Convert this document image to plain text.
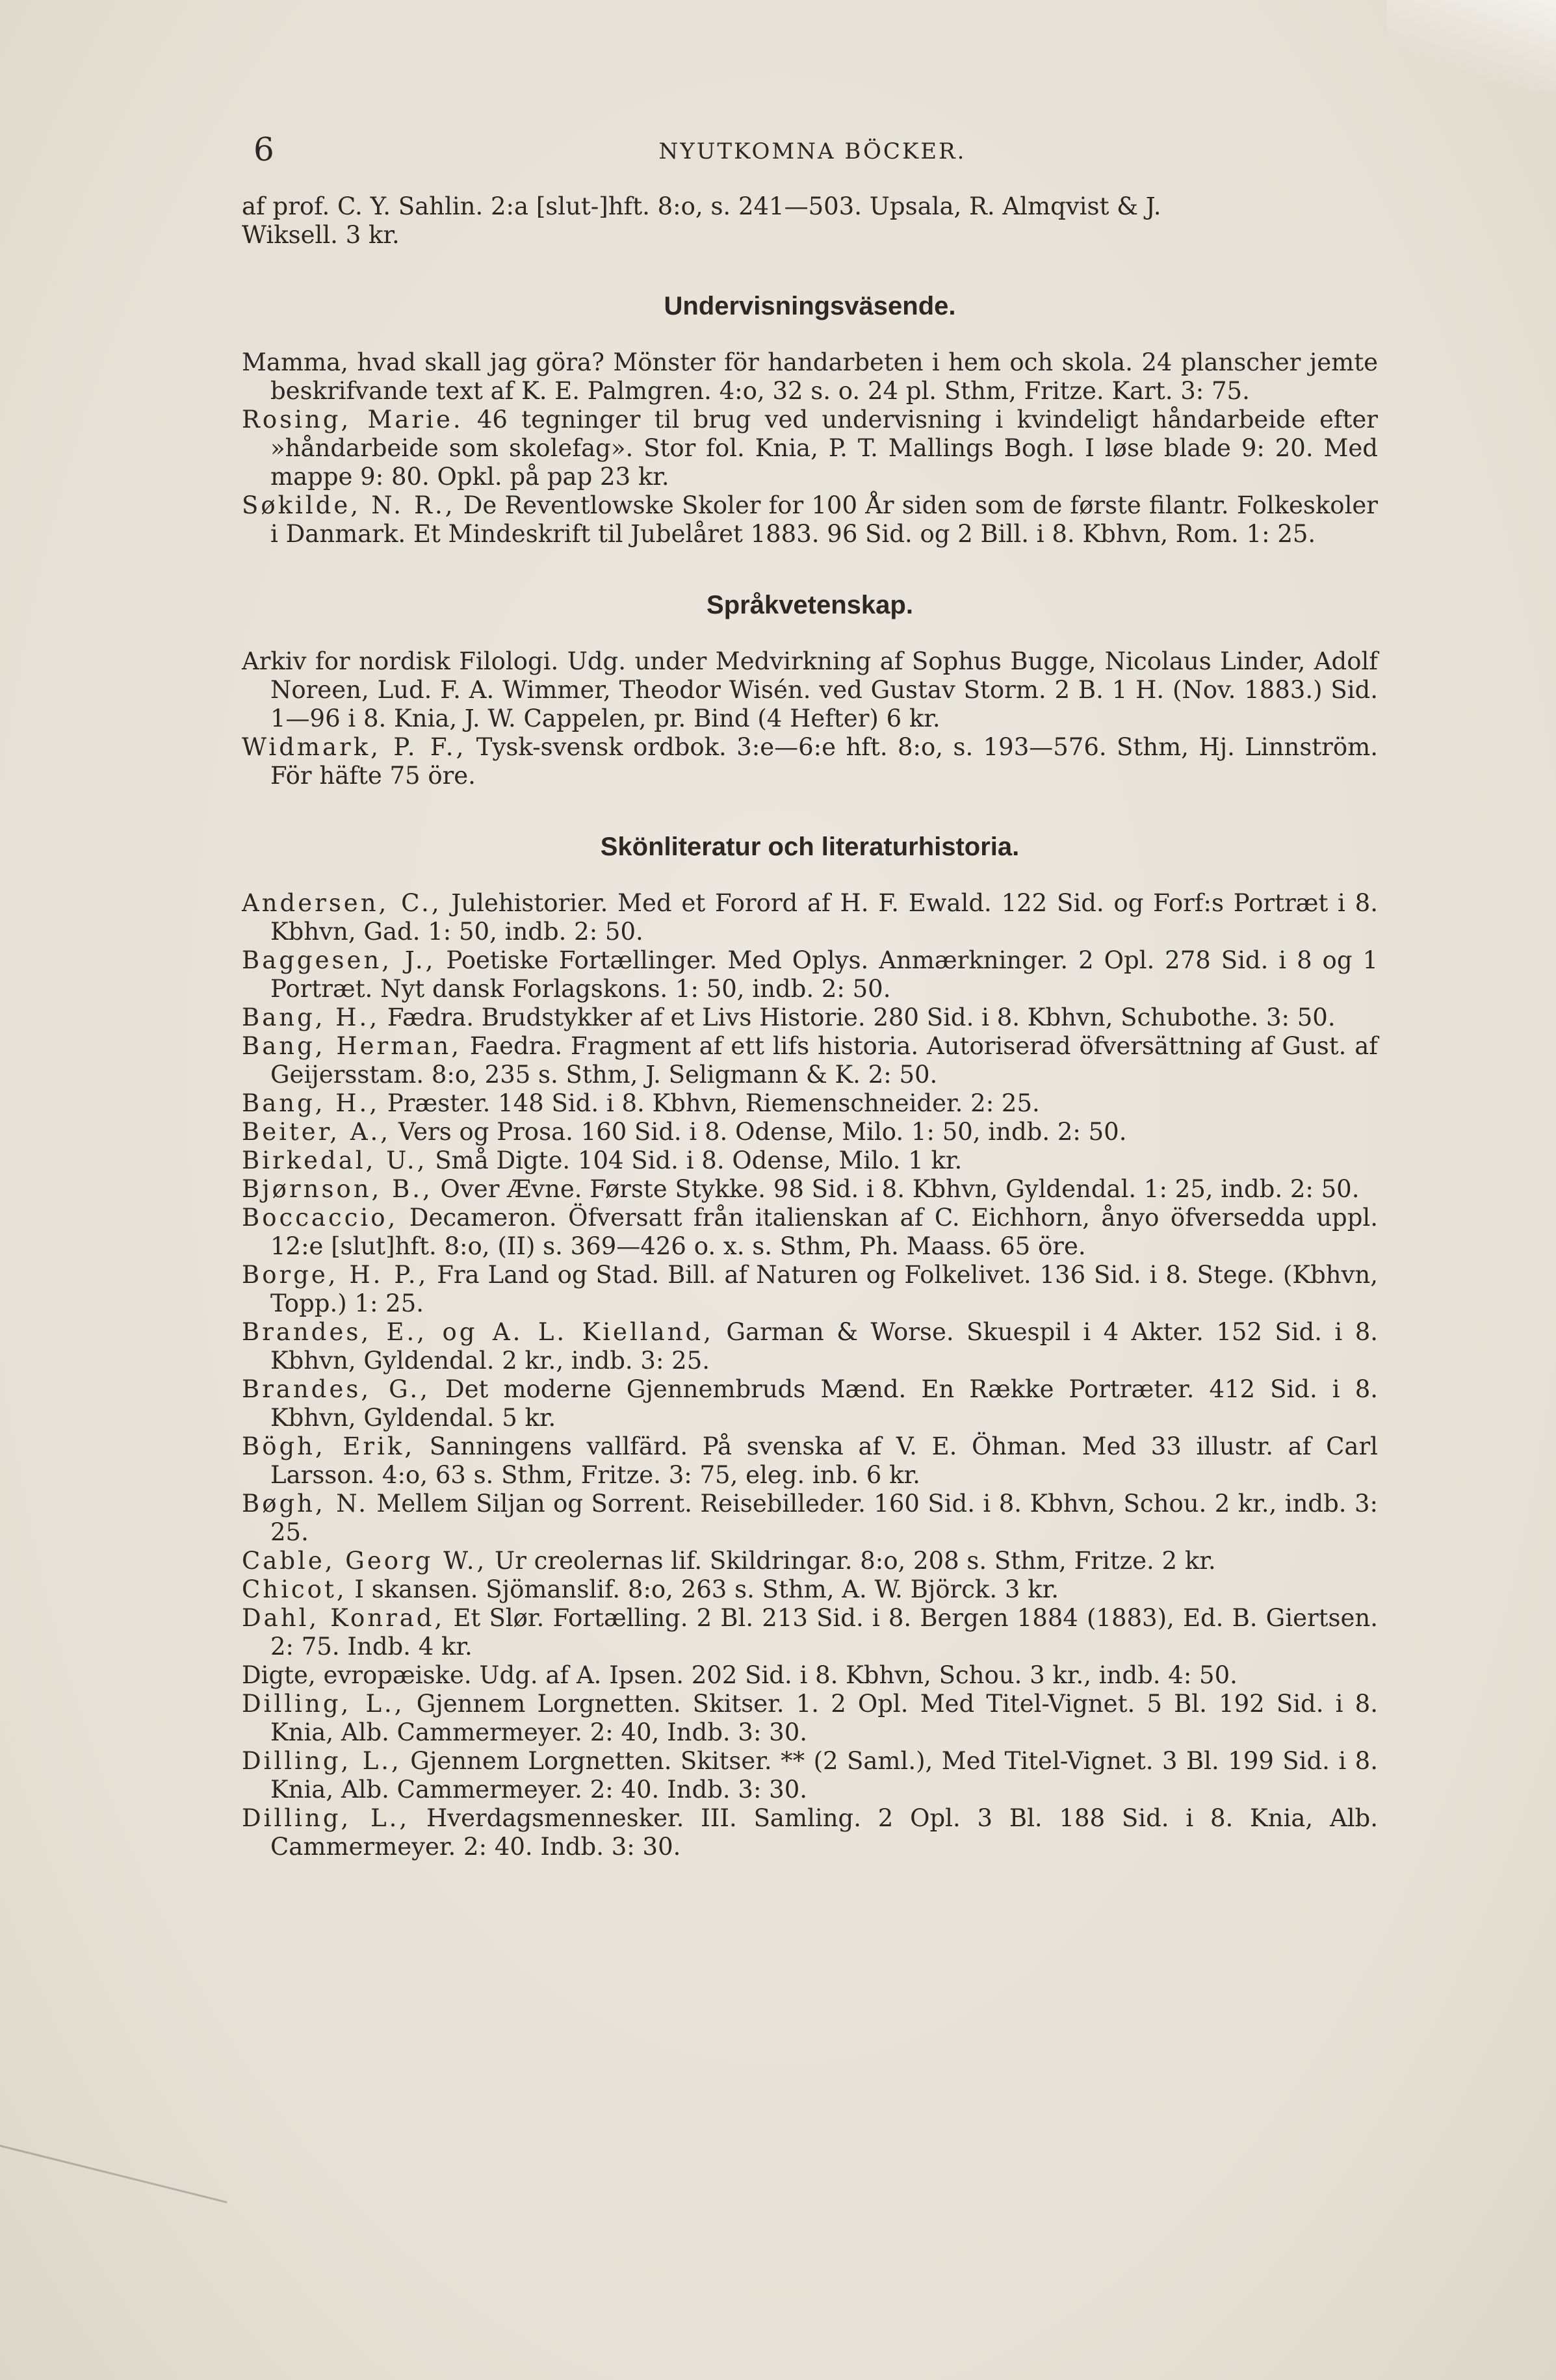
6	NYUTKOMNA BÖCKER.

af prof. C. Y. Sahlin. 2:a [slut-]hft. 8:o, s. 241—503. Upsala, R. Almqvist & J.
Wiksell. 3 kr.

Undervisningsväsende.

Mamma, hvad skall jag göra? Mönster för handarbeten i hem och skola. 24 planscher jemte beskrifvande text af K. E. Palmgren. 4:o, 32 s. o. 24 pl. Sthm, Fritze. Kart. 3: 75.

Rosing, Marie. 46 tegninger til brug ved undervisning i kvindeligt håndarbeide efter »håndarbeide som skolefag». Stor fol. Knia, P. T. Mallings Bogh. I løse blade 9: 20. Med mappe 9: 80. Opkl. på pap 23 kr.

Søkilde, N. R., De Reventlowske Skoler for 100 År siden som de første filantr. Folkeskoler i Danmark. Et Mindeskrift til Jubelåret 1883. 96 Sid. og 2 Bill. i 8. Kbhvn, Rom. 1: 25.

Språkvetenskap.

Arkiv for nordisk Filologi. Udg. under Medvirkning af Sophus Bugge, Nicolaus Linder, Adolf Noreen, Lud. F. A. Wimmer, Theodor Wisén. ved Gustav Storm. 2 B. 1 H. (Nov. 1883.) Sid. 1—96 i 8. Knia, J. W. Cappelen, pr. Bind (4 Hefter) 6 kr.

Widmark, P. F., Tysk-svensk ordbok. 3:e—6:e hft. 8:o, s. 193—576. Sthm, Hj. Linnström. För häfte 75 öre.

Skönliteratur och literaturhistoria.

Andersen, C., Julehistorier. Med et Forord af H. F. Ewald. 122 Sid. og Forf:s Portræt i 8. Kbhvn, Gad. 1: 50, indb. 2: 50.

Baggesen, J., Poetiske Fortællinger. Med Oplys. Anmærkninger. 2 Opl. 278 Sid. i 8 og 1 Portræt. Nyt dansk Forlagskons. 1: 50, indb. 2: 50.

Bang, H., Fædra. Brudstykker af et Livs Historie. 280 Sid. i 8. Kbhvn, Schubothe. 3: 50.

Bang, Herman, Faedra. Fragment af ett lifs historia. Autoriserad öfversättning af Gust. af Geijersstam. 8:o, 235 s. Sthm, J. Seligmann & K. 2: 50.

Bang, H., Præster. 148 Sid. i 8. Kbhvn, Riemenschneider. 2: 25.

Beiter, A., Vers og Prosa. 160 Sid. i 8. Odense, Milo. 1: 50, indb. 2: 50.

Birkedal, U., Små Digte. 104 Sid. i 8. Odense, Milo. 1 kr.

Bjørnson, B., Over Ævne. Første Stykke. 98 Sid. i 8. Kbhvn, Gyldendal. 1: 25, indb. 2: 50.

Boccaccio, Decameron. Öfversatt från italienskan af C. Eichhorn, ånyo öfversedda uppl. 12:e [slut]hft. 8:o, (II) s. 369—426 o. x. s. Sthm, Ph. Maass. 65 öre.

Borge, H. P., Fra Land og Stad. Bill. af Naturen og Folkelivet. 136 Sid. i 8. Stege. (Kbhvn, Topp.) 1: 25.

Brandes, E., og A. L. Kielland, Garman & Worse. Skuespil i 4 Akter. 152 Sid. i 8. Kbhvn, Gyldendal. 2 kr., indb. 3: 25.

Brandes, G., Det moderne Gjennembruds Mænd. En Række Portræter. 412 Sid. i 8. Kbhvn, Gyldendal. 5 kr.

Bögh, Erik, Sanningens vallfärd. På svenska af V. E. Öhman. Med 33 illustr. af Carl Larsson. 4:o, 63 s. Sthm, Fritze. 3: 75, eleg. inb. 6 kr.

Bøgh, N. Mellem Siljan og Sorrent. Reisebilleder. 160 Sid. i 8. Kbhvn, Schou. 2 kr., indb. 3: 25.

Cable, Georg W., Ur creolernas lif. Skildringar. 8:o, 208 s. Sthm, Fritze. 2 kr.

Chicot, I skansen. Sjömanslif. 8:o, 263 s. Sthm, A. W. Björck. 3 kr.

Dahl, Konrad, Et Slør. Fortælling. 2 Bl. 213 Sid. i 8. Bergen 1884 (1883), Ed. B. Giertsen. 2: 75. Indb. 4 kr.

Digte, evropæiske. Udg. af A. Ipsen. 202 Sid. i 8. Kbhvn, Schou. 3 kr., indb. 4: 50.

Dilling, L., Gjennem Lorgnetten. Skitser. 1. 2 Opl. Med Titel-Vignet. 5 Bl. 192 Sid. i 8. Knia, Alb. Cammermeyer. 2: 40, Indb. 3: 30.

Dilling, L., Gjennem Lorgnetten. Skitser. ** (2 Saml.), Med Titel-Vignet. 3 Bl. 199 Sid. i 8. Knia, Alb. Cammermeyer. 2: 40. Indb. 3: 30.

Dilling, L., Hverdagsmennesker. III. Samling. 2 Opl. 3 Bl. 188 Sid. i 8. Knia, Alb. Cammermeyer. 2: 40. Indb. 3: 30.
